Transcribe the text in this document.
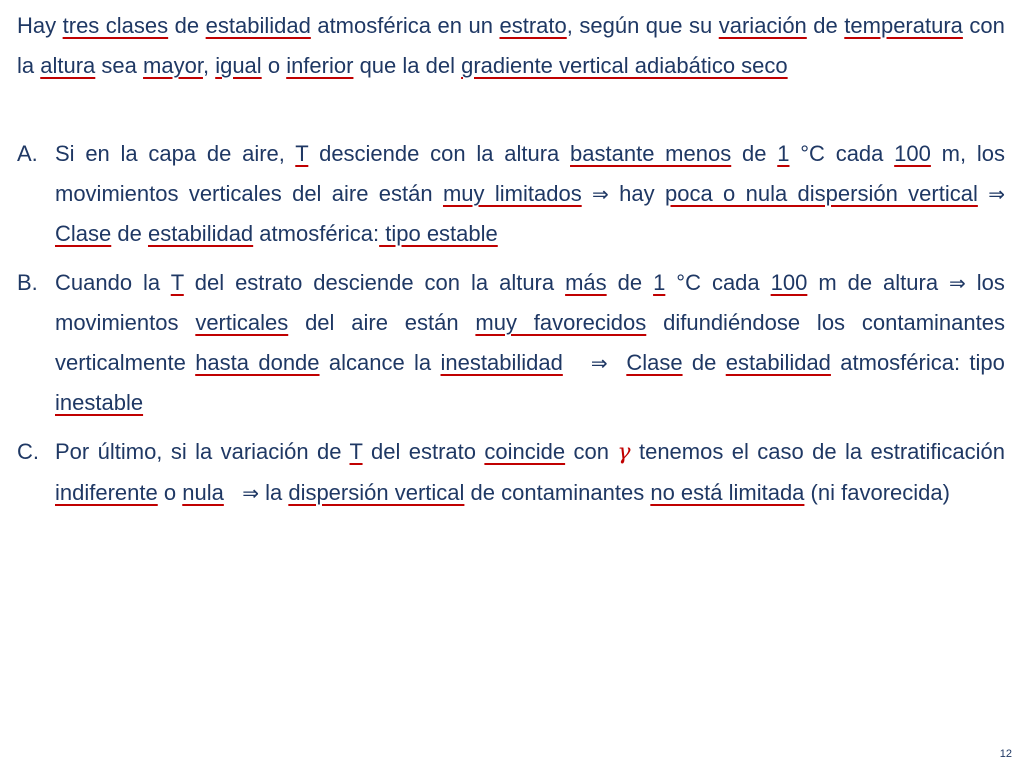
Hay tres clases de estabilidad atmosférica en un estrato, según que su variación de temperatura con la altura sea mayor, igual o inferior que la del gradiente vertical adiabático seco

A. Si en la capa de aire, T desciende con la altura bastante menos de 1 °C cada 100 m, los movimientos verticales del aire están muy limitados ⇒ hay poca o nula dispersión vertical ⇒ Clase de estabilidad atmosférica: tipo estable
B. Cuando la T del estrato desciende con la altura más de 1 °C cada 100 m de altura ⇒ los movimientos verticales del aire están muy favorecidos difundiéndose los contaminantes verticalmente hasta donde alcance la inestabilidad ⇒ Clase de estabilidad atmosférica: tipo inestable
C. Por último, si la variación de T del estrato coincide con γ tenemos el caso de la estratificación indiferente o nula ⇒ la dispersión vertical de contaminantes no está limitada (ni favorecida)
12
